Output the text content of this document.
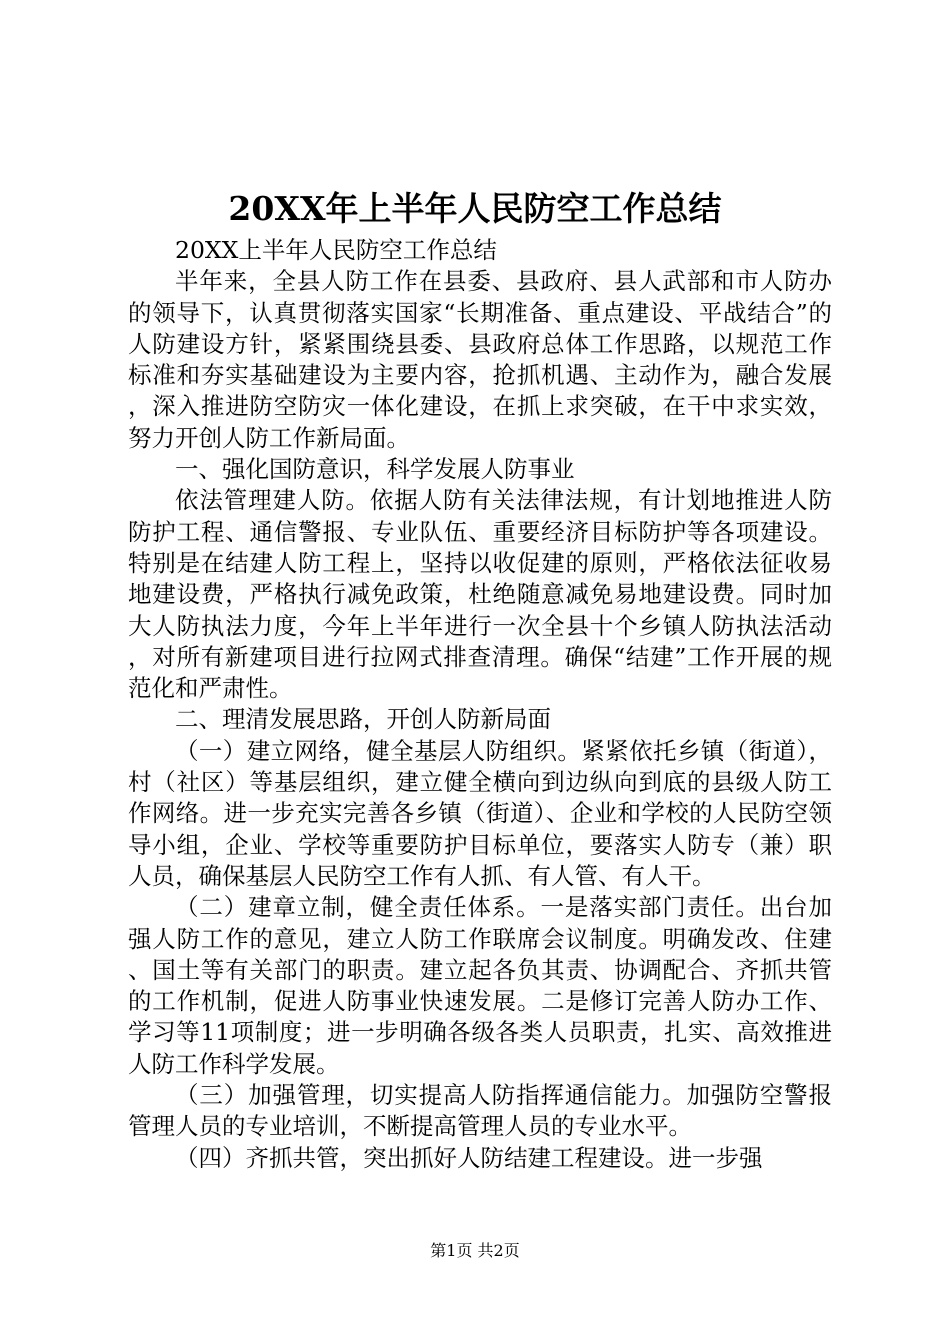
20XX年上半年人民防空工作总结

20XX上半年人民防空工作总结

半年来，全县人防工作在县委、县政府、县人武部和市人防办的领导下，认真贯彻落实国家“长期准备、重点建设、平战结合”的人防建设方针，紧紧围绕县委、县政府总体工作思路，以规范工作标准和夯实基础建设为主要内容，抢抓机遇、主动作为，融合发展，深入推进防空防灾一体化建设，在抓上求突破，在干中求实效，努力开创人防工作新局面。

一、强化国防意识，科学发展人防事业

依法管理建人防。依据人防有关法律法规，有计划地推进人防防护工程、通信警报、专业队伍、重要经济目标防护等各项建设。特别是在结建人防工程上，坚持以收促建的原则，严格依法征收易地建设费，严格执行减免政策，杜绝随意减免易地建设费。同时加大人防执法力度，今年上半年进行一次全县十个乡镇人防执法活动，对所有新建项目进行拉网式排查清理。确保“结建”工作开展的规范化和严肃性。

二、理清发展思路，开创人防新局面

（一）建立网络，健全基层人防组织。紧紧依托乡镇（街道），村（社区）等基层组织，建立健全横向到边纵向到底的县级人防工作网络。进一步充实完善各乡镇（街道）、企业和学校的人民防空领导小组，企业、学校等重要防护目标单位，要落实人防专（兼）职人员，确保基层人民防空工作有人抓、有人管、有人干。

（二）建章立制，健全责任体系。一是落实部门责任。出台加强人防工作的意见，建立人防工作联席会议制度。明确发改、住建、国土等有关部门的职责。建立起各负其责、协调配合、齐抓共管的工作机制，促进人防事业快速发展。二是修订完善人防办工作、学习等11项制度；进一步明确各级各类人员职责，扎实、高效推进人防工作科学发展。

（三）加强管理，切实提高人防指挥通信能力。加强防空警报管理人员的专业培训，不断提高管理人员的专业水平。

（四）齐抓共管，突出抓好人防结建工程建设。进一步强

第1页 共2页
